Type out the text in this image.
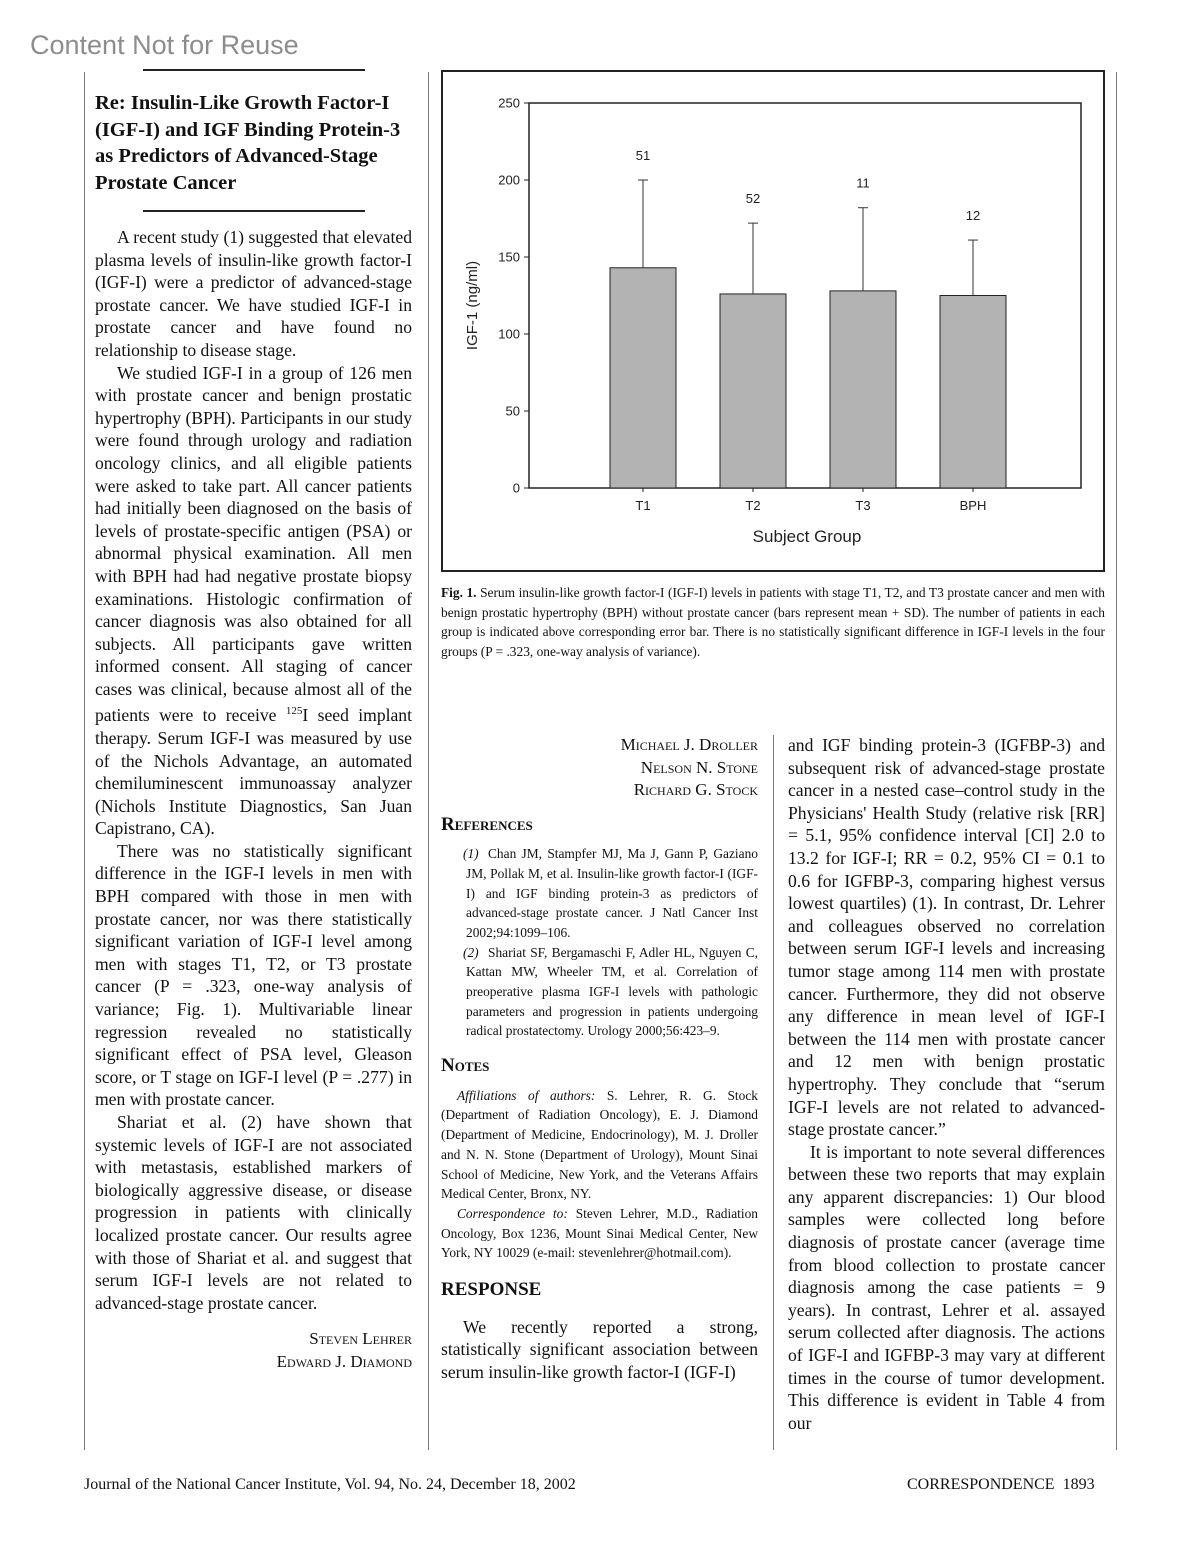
Content Not for Reuse
Re: Insulin-Like Growth Factor-I (IGF-I) and IGF Binding Protein-3 as Predictors of Advanced-Stage Prostate Cancer

A recent study (1) suggested that elevated plasma levels of insulin-like growth factor-I (IGF-I) were a predictor of advanced-stage prostate cancer. We have studied IGF-I in prostate cancer and have found no relationship to disease stage.

We studied IGF-I in a group of 126 men with prostate cancer and benign prostatic hypertrophy (BPH). Participants in our study were found through urology and radiation oncology clinics, and all eligible patients were asked to take part. All cancer patients had initially been diagnosed on the basis of levels of prostate-specific antigen (PSA) or abnormal physical examination. All men with BPH had had negative prostate biopsy examinations. Histologic confirmation of cancer diagnosis was also obtained for all subjects. All participants gave written informed consent. All staging of cancer cases was clinical, because almost all of the patients were to receive $^{125}$I seed implant therapy. Serum IGF-I was measured by use of the Nichols Advantage, an automated chemiluminescent immunoassay analyzer (Nichols Institute Diagnostics, San Juan Capistrano, CA).

There was no statistically significant difference in the IGF-I levels in men with BPH compared with those in men with prostate cancer, nor was there statistically significant variation of IGF-I level among men with stages T1, T2, or T3 prostate cancer (P = .323, one-way analysis of variance; Fig. 1). Multivariable linear regression revealed no statistically significant effect of PSA level, Gleason score, or T stage on IGF-I level (P = .277) in men with prostate cancer.

Shariat et al. (2) have shown that systemic levels of IGF-I are not associated with metastasis, established markers of biologically aggressive disease, or disease progression in patients with clinically localized prostate cancer. Our results agree with those of Shariat et al. and suggest that serum IGF-I levels are not related to advanced-stage prostate cancer.

Steven Lehrer
Edward J. Diamond
0
50
100
150
200
250
51
T1
52
T2
11
T3
12
BPH
Subject Group
IGF-1 (ng/ml)
Fig. 1. Serum insulin-like growth factor-I (IGF-I) levels in patients with stage T1, T2, and T3 prostate cancer and men with benign prostatic hypertrophy (BPH) without prostate cancer (bars represent mean + SD). The number of patients in each group is indicated above corresponding error bar. There is no statistically significant difference in IGF-I levels in the four groups (P = .323, one-way analysis of variance).
Michael J. Droller
Nelson N. Stone
Richard G. Stock
References

(1) Chan JM, Stampfer MJ, Ma J, Gann P, Gaziano JM, Pollak M, et al. Insulin-like growth factor-I (IGF-I) and IGF binding protein-3 as predictors of advanced-stage prostate cancer. J Natl Cancer Inst 2002;94:1099–106.

(2) Shariat SF, Bergamaschi F, Adler HL, Nguyen C, Kattan MW, Wheeler TM, et al. Correlation of preoperative plasma IGF-I levels with pathologic parameters and progression in patients undergoing radical prostatectomy. Urology 2000;56:423–9.

Notes

Affiliations of authors: S. Lehrer, R. G. Stock (Department of Radiation Oncology), E. J. Diamond (Department of Medicine, Endocrinology), M. J. Droller and N. N. Stone (Department of Urology), Mount Sinai School of Medicine, New York, and the Veterans Affairs Medical Center, Bronx, NY.

Correspondence to: Steven Lehrer, M.D., Radiation Oncology, Box 1236, Mount Sinai Medical Center, New York, NY 10029 (e-mail: stevenlehrer@hotmail.com).

RESPONSE

We recently reported a strong, statistically significant association between serum insulin-like growth factor-I (IGF-I)

and IGF binding protein-3 (IGFBP-3) and subsequent risk of advanced-stage prostate cancer in a nested case–control study in the Physicians' Health Study (relative risk [RR] = 5.1, 95% confidence interval [CI] 2.0 to 13.2 for IGF-I; RR = 0.2, 95% CI = 0.1 to 0.6 for IGFBP-3, comparing highest versus lowest quartiles) (1). In contrast, Dr. Lehrer and colleagues observed no correlation between serum IGF-I levels and increasing tumor stage among 114 men with prostate cancer. Furthermore, they did not observe any difference in mean level of IGF-I between the 114 men with prostate cancer and 12 men with benign prostatic hypertrophy. They conclude that “serum IGF-I levels are not related to advanced-stage prostate cancer.”

It is important to note several differences between these two reports that may explain any apparent discrepancies: 1) Our blood samples were collected long before diagnosis of prostate cancer (average time from blood collection to prostate cancer diagnosis among the case patients = 9 years). In contrast, Lehrer et al. assayed serum collected after diagnosis. The actions of IGF-I and IGFBP-3 may vary at different times in the course of tumor development. This difference is evident in Table 4 from our

Journal of the National Cancer Institute, Vol. 94, No. 24, December 18, 2002	CORRESPONDENCE 1893
